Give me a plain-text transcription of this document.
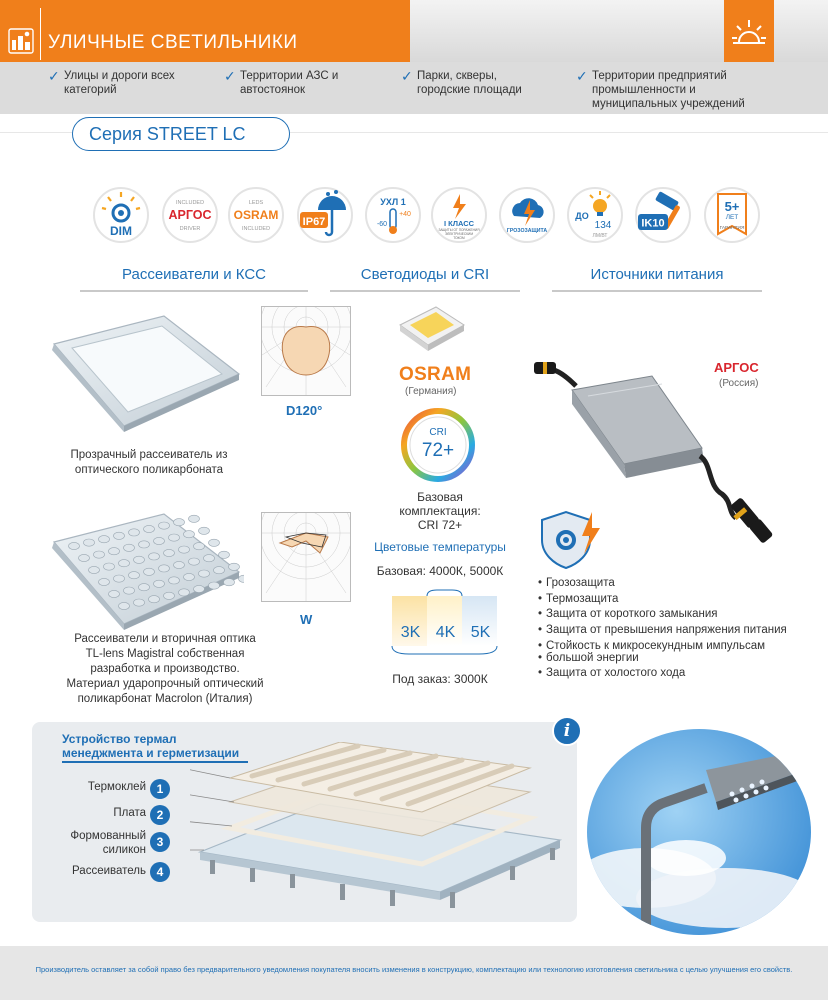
УЛИЧНЫЕ СВЕТИЛЬНИКИ
✓ Улицы и дороги всех
категорий
✓ Территории АЗС и
автостоянок
✓ Парки, скверы,
городские площади
✓ Территории предприятий
промышленности и
муниципальных учреждений
Серия STREET LC
DIM
INCLUDED
АРГОС
DRIVER
LEDS
OSRAM
INCLUDED
IP67
УХЛ 1
-60
+40
I КЛАСС
ЗАЩИТЫ ОТ ПОРАЖЕНИЯ
ЭЛЕКТРИЧЕСКИМ
ТОКОМ
ГРОЗОЗАЩИТА
ДО
134
ЛМ/ВТ
IK10
5+
ЛЕТ
ГАРАНТИЯ
Рассеиватели и КСС	Светодиоды и CRI	Источники питания
Прозрачный рассеиватель из
оптического поликарбоната
D120°
Рассеиватели и вторичная оптика
TL-lens Magistral собственная
разработка и производство.
Материал ударопрочный оптический
поликарбонат Macrolon (Италия)
W
OSRAM
(Германия)
CRI
72+
Базовая
комплектация:
CRI 72+
Цветовые температуры
Базовая: 4000К, 5000К
3K 4K 5K
Под заказ: 3000К
АРГОС
(Россия)
• Грозозащита
• Термозащита
• Защита от короткого замыкания
• Защита от превышения напряжения питания
• Стойкость к микросекундным импульсам
• большой энергии
• Защита от холостого хода
Устройство термал
менеджмента и герметизации
i
Термоклей 1
Плата 2
Формованный
силикон
3
Рассеиватель 4
Производитель оставляет за собой право без предварительного уведомления покупателя вносить изменения в конструкцию, комплектацию или технологию изготовления светильника с целью улучшения его свойств.
